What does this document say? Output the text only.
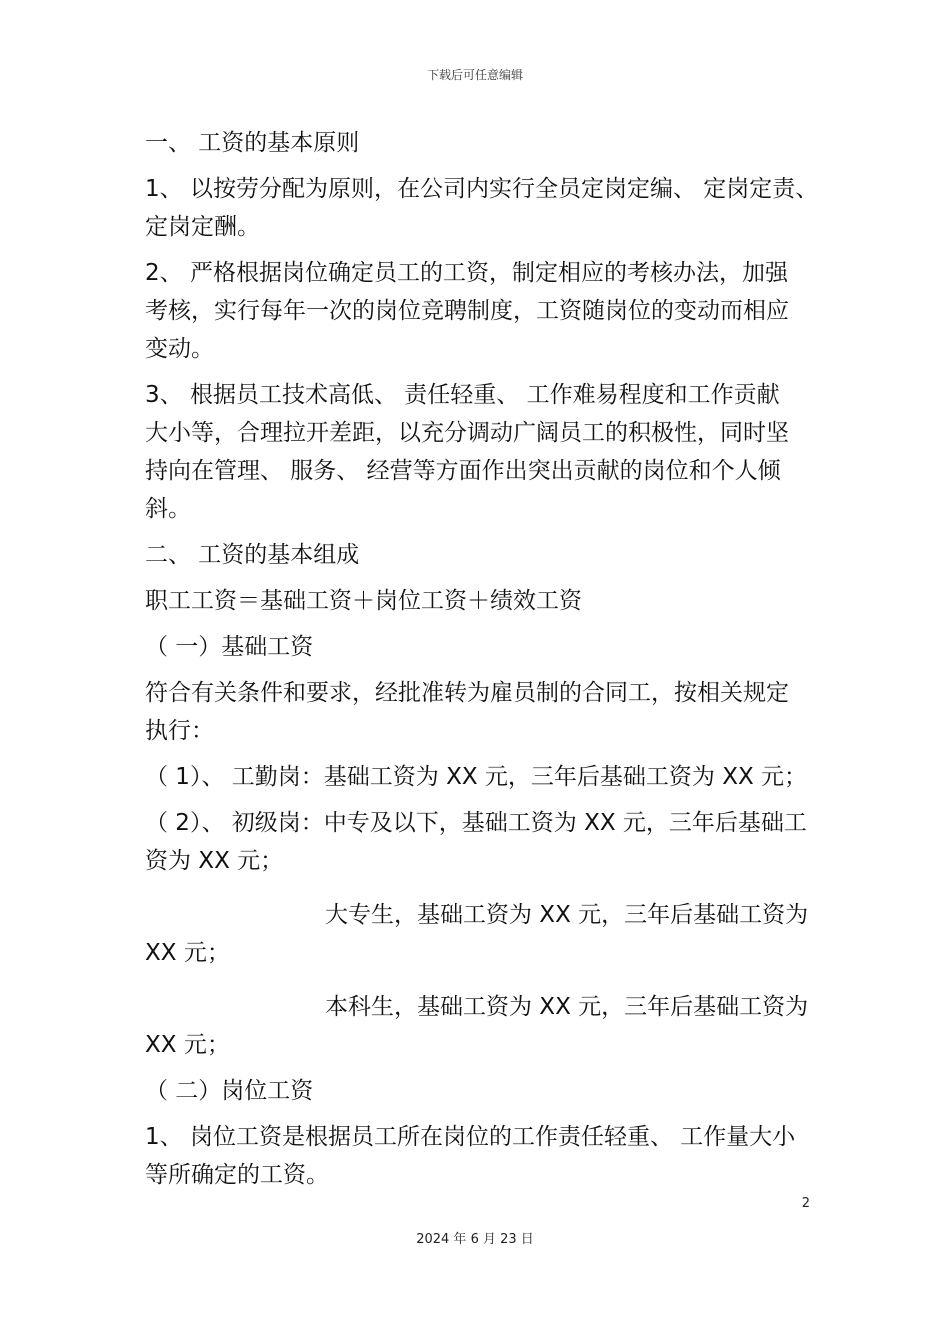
下载后可任意编辑
一、 工资的基本原则
1、 以按劳分配为原则，在公司内实行全员定岗定编、 定岗定责、
定岗定酬。
2、 严格根据岗位确定员工的工资，制定相应的考核办法，加强
考核，实行每年一次的岗位竞聘制度，工资随岗位的变动而相应
变动。
3、 根据员工技术高低、 责任轻重、 工作难易程度和工作贡献
大小等，合理拉开差距，以充分调动广阔员工的积极性，同时坚
持向在管理、 服务、 经营等方面作出突出贡献的岗位和个人倾
斜。
二、 工资的基本组成
职工工资＝基础工资＋岗位工资＋绩效工资
（ 一）基础工资
符合有关条件和要求，经批准转为雇员制的合同工，按相关规定
执行：
（ 1）、 工勤岗：基础工资为 XX 元，三年后基础工资为 XX 元；
（ 2）、 初级岗：中专及以下，基础工资为 XX 元，三年后基础工
资为 XX 元；
大专生，基础工资为 XX 元，三年后基础工资为
XX 元；
本科生，基础工资为 XX 元，三年后基础工资为
XX 元；
（ 二）岗位工资
1、 岗位工资是根据员工所在岗位的工作责任轻重、 工作量大小
等所确定的工资。
2
2024 年 6 月 23 日
